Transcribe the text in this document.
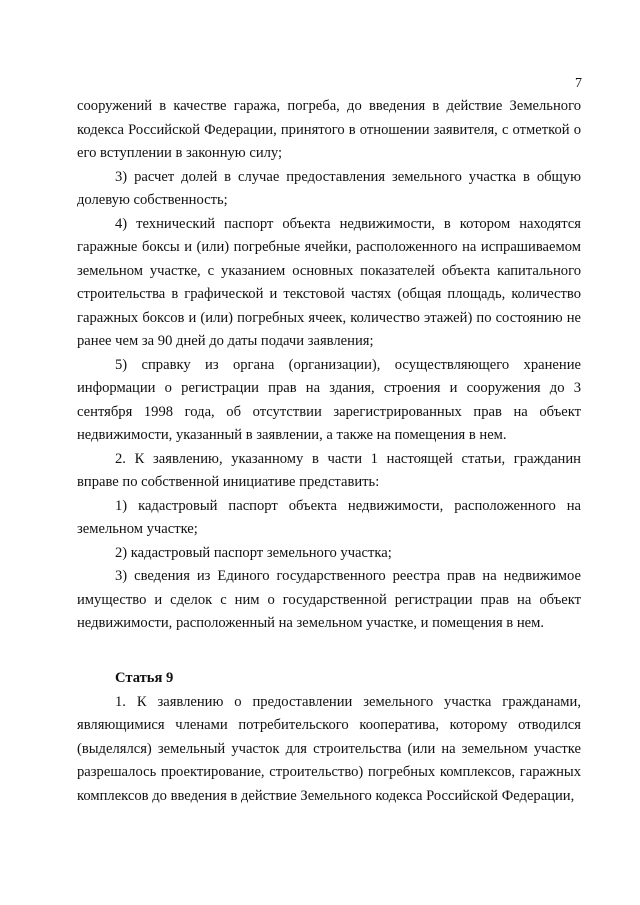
7

сооружений в качестве гаража, погреба, до введения в действие Земельного кодекса Российской Федерации, принятого в отношении заявителя, с отметкой о его вступлении в законную силу;

3) расчет долей в случае предоставления земельного участка в общую долевую собственность;

4) технический паспорт объекта недвижимости, в котором находятся гаражные боксы и (или) погребные ячейки, расположенного на испрашиваемом земельном участке, с указанием основных показателей объекта капитального строительства в графической и текстовой частях (общая площадь, количество гаражных боксов и (или) погребных ячеек, количество этажей) по состоянию не ранее чем за 90 дней до даты подачи заявления;

5) справку из органа (организации), осуществляющего хранение информации о регистрации прав на здания, строения и сооружения до 3 сентября 1998 года, об отсутствии зарегистрированных прав на объект недвижимости, указанный в заявлении, а также на помещения в нем.

2. К заявлению, указанному в части 1 настоящей статьи, гражданин вправе по собственной инициативе представить:

1) кадастровый паспорт объекта недвижимости, расположенного на земельном участке;

2) кадастровый паспорт земельного участка;

3) сведения из Единого государственного реестра прав на недвижимое имущество и сделок с ним о государственной регистрации прав на объект недвижимости, расположенный на земельном участке, и помещения в нем.

Статья 9

1. К заявлению о предоставлении земельного участка гражданами, являющимися членами потребительского кооператива, которому отводился (выделялся) земельный участок для строительства (или на земельном участке разрешалось проектирование, строительство) погребных комплексов, гаражных комплексов до введения в действие Земельного кодекса Российской Федерации,
